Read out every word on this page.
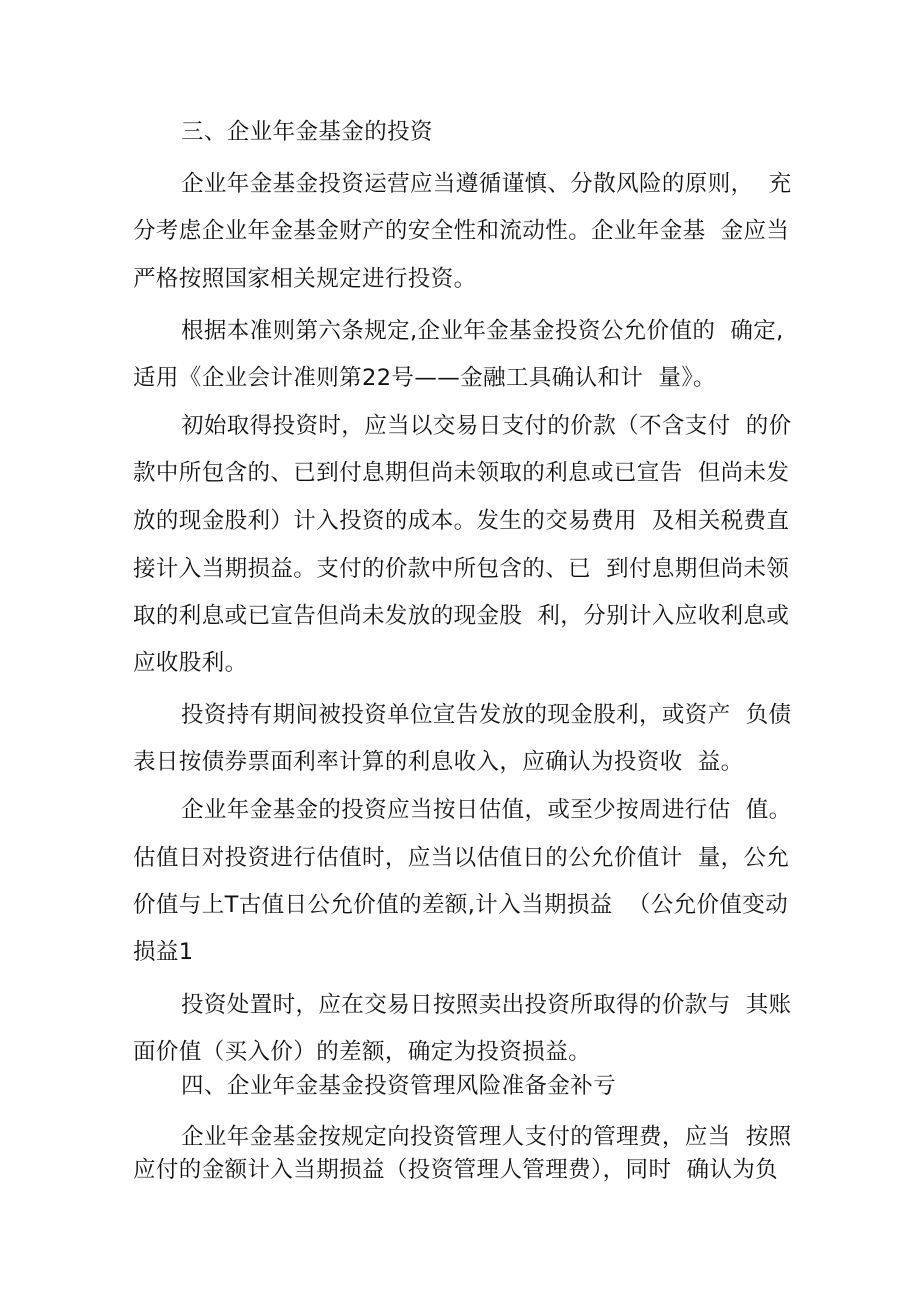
三、企业年金基金的投资
企业年金基金投资运营应当遵循谨慎、分散风险的原则，  充
分考虑企业年金基金财产的安全性和流动性。企业年金基  金应当
严格按照国家相关规定进行投资。
根据本准则第六条规定,企业年金基金投资公允价值的  确定,
适用《企业会计准则第22号——金融工具确认和计  量》。
初始取得投资时，应当以交易日支付的价款（不含支付  的价
款中所包含的、已到付息期但尚未领取的利息或已宣告  但尚未发
放的现金股利）计入投资的成本。发生的交易费用  及相关税费直
接计入当期损益。支付的价款中所包含的、已  到付息期但尚未领
取的利息或已宣告但尚未发放的现金股  利，分别计入应收利息或
应收股利。
投资持有期间被投资单位宣告发放的现金股利，或资产  负债
表日按债券票面利率计算的利息收入，应确认为投资收  益。
企业年金基金的投资应当按日估值，或至少按周进行估  值。
估值日对投资进行估值时，应当以估值日的公允价值计  量，公允
价值与上T古值日公允价值的差额,计入当期损益  （公允价值变动
损益1
投资处置时，应在交易日按照卖出投资所取得的价款与  其账
面价值（买入价）的差额，确定为投资损益。
四、企业年金基金投资管理风险准备金补亏
企业年金基金按规定向投资管理人支付的管理费，应当  按照
应付的金额计入当期损益（投资管理人管理费），同时  确认为负
